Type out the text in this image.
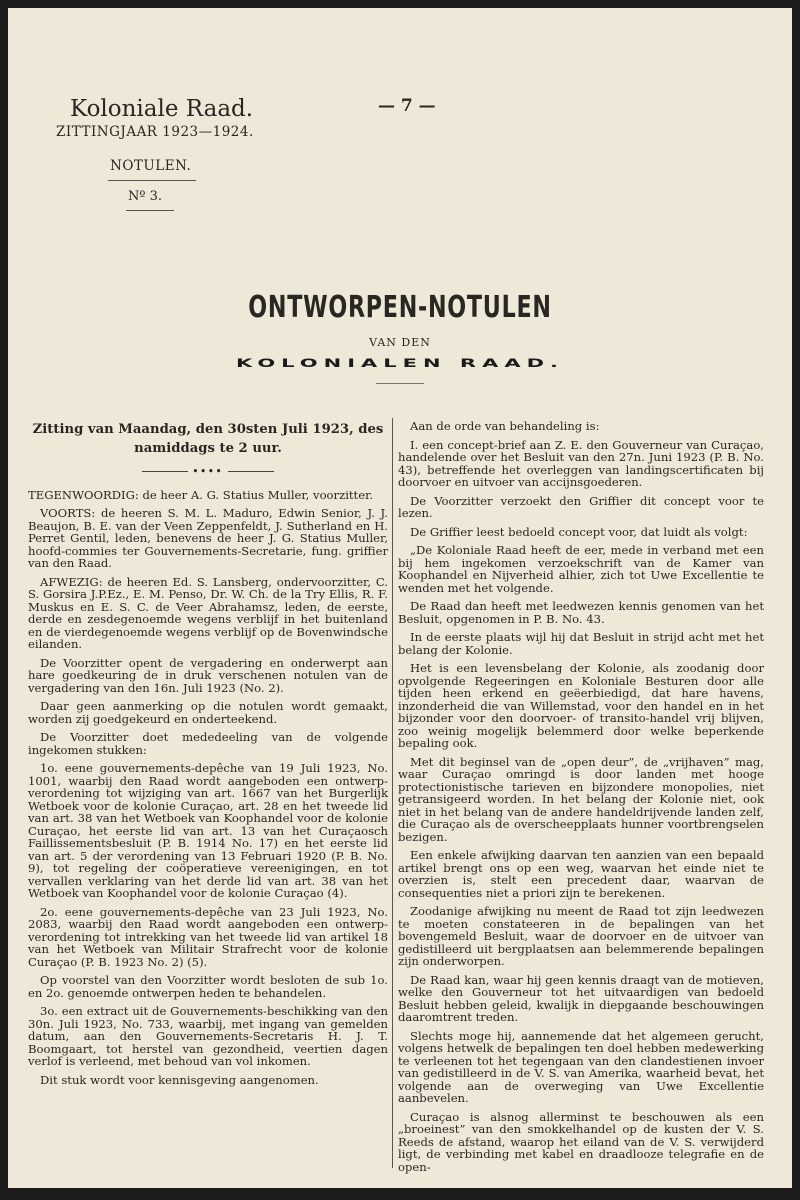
Koloniale Raad.	— 7 —
ZITTINGJAAR 1923—1924.
NOTULEN.
Nº 3.
ONTWORPEN-NOTULEN
VAN DEN
KOLONIALEN RAAD.
Zitting van Maandag, den 30sten Juli 1923, des namiddags te 2 uur.
••••

TEGENWOORDIG: de heer A. G. Statius Muller, voorzitter.

VOORTS: de heeren S. M. L. Maduro, Edwin Senior, J. J. Beaujon, B. E. van der Veen Zeppenfeldt, J. Sutherland en H. Perret Gentil, leden, benevens de heer J. G. Statius Muller, hoofd-commies ter Gouvernements-Secretarie, fung. griffier van den Raad.

AFWEZIG: de heeren Ed. S. Lansberg, ondervoorzitter, C. S. Gorsira J.P.Ez., E. M. Penso, Dr. W. Ch. de la Try Ellis, R. F. Muskus en E. S. C. de Veer Abrahamsz, leden, de eerste, derde en zesdegenoemde wegens verblijf in het buitenland en de vierdegenoemde wegens verblijf op de Bovenwindsche eilanden.

De Voorzitter opent de vergadering en onderwerpt aan hare goedkeuring de in druk verschenen notulen van de vergadering van den 16n. Juli 1923 (No. 2).

Daar geen aanmerking op die notulen wordt gemaakt, worden zij goedgekeurd en onderteekend.

De Voorzitter doet mededeeling van de volgende ingekomen stukken:

1o. eene gouvernements-depêche van 19 Juli 1923, No. 1001, waarbij den Raad wordt aangeboden een ontwerp-verordening tot wijziging van art. 1667 van het Burgerlijk Wetboek voor de kolonie Curaçao, art. 28 en het tweede lid van art. 38 van het Wetboek van Koophandel voor de kolonie Curaçao, het eerste lid van art. 13 van het Curaçaosch Faillissementsbesluit (P. B. 1914 No. 17) en het eerste lid van art. 5 der verordening van 13 Februari 1920 (P. B. No. 9), tot regeling der coöperatieve vereenigingen, en tot vervallen verklaring van het derde lid van art. 38 van het Wetboek van Koophandel voor de kolonie Curaçao (4).

2o. eene gouvernements-depêche van 23 Juli 1923, No. 2083, waarbij den Raad wordt aangeboden een ontwerp-verordening tot intrekking van het tweede lid van artikel 18 van het Wetboek van Militair Strafrecht voor de kolonie Curaçao (P. B. 1923 No. 2) (5).

Op voorstel van den Voorzitter wordt besloten de sub 1o. en 2o. genoemde ontwerpen heden te behandelen.

3o. een extract uit de Gouvernements-beschikking van den 30n. Juli 1923, No. 733, waarbij, met ingang van gemelden datum, aan den Gouvernements-Secretaris H. J. T. Boomgaart, tot herstel van gezondheid, veertien dagen verlof is verleend, met behoud van vol inkomen.

Dit stuk wordt voor kennisgeving aangenomen.

Aan de orde van behandeling is:

I. een concept-brief aan Z. E. den Gouverneur van Curaçao, handelende over het Besluit van den 27n. Juni 1923 (P. B. No. 43), betreffende het overleggen van landingscertificaten bij doorvoer en uitvoer van accijnsgoederen.

De Voorzitter verzoekt den Griffier dit concept voor te lezen.

De Griffier leest bedoeld concept voor, dat luidt als volgt:

„De Koloniale Raad heeft de eer, mede in verband met een bij hem ingekomen verzoekschrift van de Kamer van Koophandel en Nijverheid alhier, zich tot Uwe Excellentie te wenden met het volgende.

De Raad dan heeft met leedwezen kennis genomen van het Besluit, opgenomen in P. B. No. 43.

In de eerste plaats wijl hij dat Besluit in strijd acht met het belang der Kolonie.

Het is een levensbelang der Kolonie, als zoodanig door opvolgende Regeeringen en Koloniale Besturen door alle tijden heen erkend en geëerbiedigd, dat hare havens, inzonderheid die van Willemstad, voor den handel en in het bijzonder voor den doorvoer- of transito-handel vrij blijven, zoo weinig mogelijk belemmerd door welke beperkende bepaling ook.

Met dit beginsel van de „open deur”, de „vrijhaven” mag, waar Curaçao omringd is door landen met hooge protectionistische tarieven en bijzondere monopolies, niet getransigeerd worden. In het belang der Kolonie niet, ook niet in het belang van de andere handeldrijvende landen zelf, die Curaçao als de overscheepplaats hunner voortbrengselen bezigen.

Een enkele afwijking daarvan ten aanzien van een bepaald artikel brengt ons op een weg, waarvan het einde niet te overzien is, stelt een precedent daar, waarvan de consequenties niet a priori zijn te berekenen.

Zoodanige afwijking nu meent de Raad tot zijn leedwezen te moeten constateeren in de bepalingen van het bovengemeld Besluit, waar de doorvoer en de uitvoer van gedistilleerd uit bergplaatsen aan belemmerende bepalingen zijn onderworpen.

De Raad kan, waar hij geen kennis draagt van de motieven, welke den Gouverneur tot het uitvaardigen van bedoeld Besluit hebben geleid, kwalijk in diepgaande beschouwingen daaromtrent treden.

Slechts moge hij, aannemende dat het algemeen gerucht, volgens hetwelk de bepalingen ten doel hebben medewerking te verleenen tot het tegengaan van den clandestienen invoer van gedistilleerd in de V. S. van Amerika, waarheid bevat, het volgende aan de overweging van Uwe Excellentie aanbevelen.

Curaçao is alsnog allerminst te beschouwen als een „broeinest” van den smokkelhandel op de kusten der V. S. Reeds de afstand, waarop het eiland van de V. S. verwijderd ligt, de verbinding met kabel en draadlooze telegrafie en de open-
